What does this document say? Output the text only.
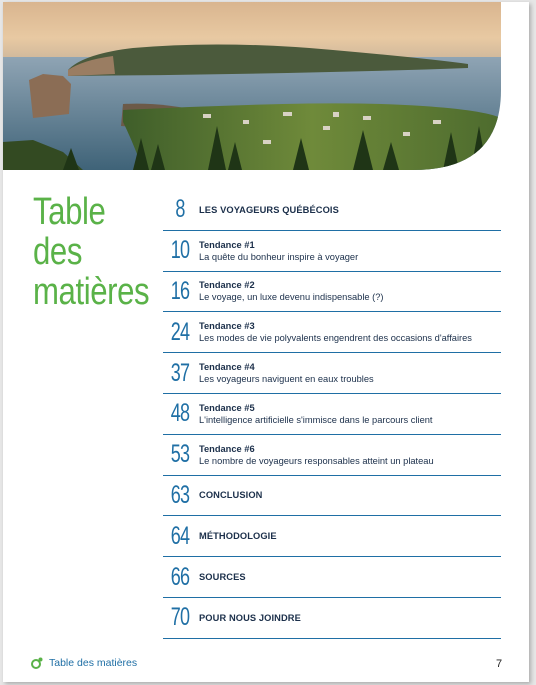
Table
des
matières
8	LES VOYAGEURS QUÉBÉCOIS
10	Tendance #1
La quête du bonheur inspire à voyager
16	Tendance #2
Le voyage, un luxe devenu indispensable (?)
24	Tendance #3
Les modes de vie polyvalents engendrent des occasions d'affaires
37	Tendance #4
Les voyageurs naviguent en eaux troubles
48	Tendance #5
L'intelligence artificielle s'immisce dans le parcours client
53	Tendance #6
Le nombre de voyageurs responsables atteint un plateau
63	CONCLUSION
64	MÉTHODOLOGIE
66	SOURCES
70	POUR NOUS JOINDRE
Table des matières	7
